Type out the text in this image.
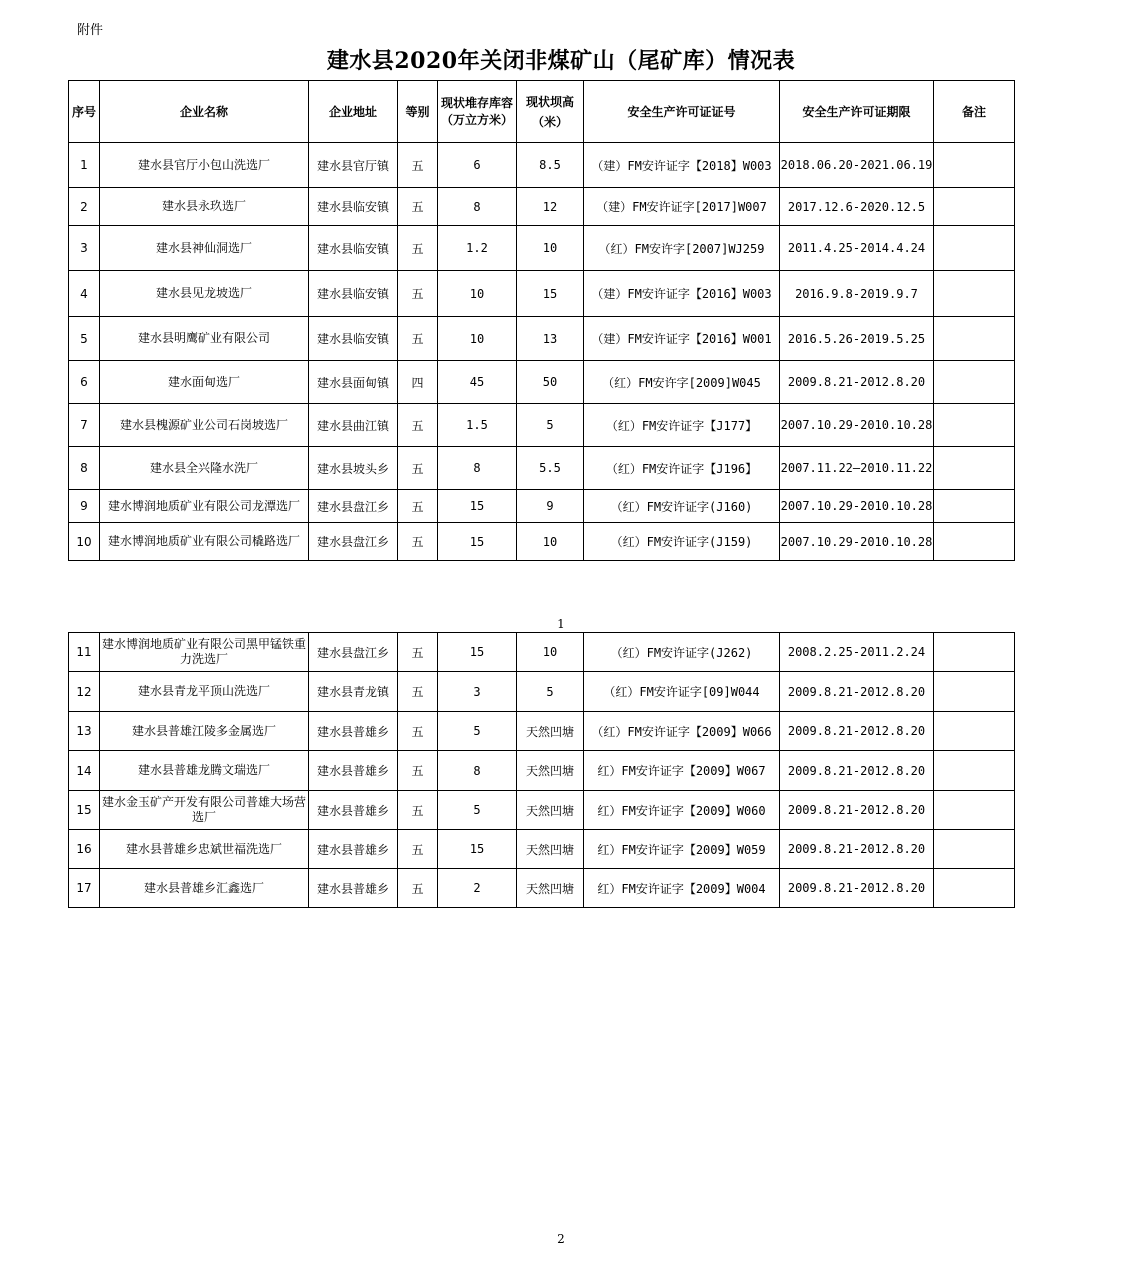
附件
建水县2020年关闭非煤矿山（尾矿库）情况表
序号	企业名称	企业地址	等别	现状堆存库容（万立方米）	现状坝高（米）	安全生产许可证证号	安全生产许可证期限	备注
1	建水县官厅小包山洗选厂	建水县官厅镇	五	6	8.5	（建）FM安许证字【2018】W003	2018.06.20-2021.06.19	
2	建水县永玖选厂	建水县临安镇	五	8	12	（建）FM安许证字[2017]W007	2017.12.6-2020.12.5	
3	建水县神仙洞选厂	建水县临安镇	五	1.2	10	（红）FM安许字[2007]WJ259	2011.4.25-2014.4.24	
4	建水县见龙坡选厂	建水县临安镇	五	10	15	（建）FM安许证字【2016】W003	2016.9.8-2019.9.7	
5	建水县明鹰矿业有限公司	建水县临安镇	五	10	13	（建）FM安许证字【2016】W001	2016.5.26-2019.5.25	
6	建水面甸选厂	建水县面甸镇	四	45	50	（红）FM安许字[2009]W045	2009.8.21-2012.8.20	
7	建水县槐源矿业公司石岗坡选厂	建水县曲江镇	五	1.5	5	（红）FM安许证字【J177】	2007.10.29-2010.10.28	
8	建水县全兴隆水洗厂	建水县坡头乡	五	8	5.5	（红）FM安许证字【J196】	2007.11.22—2010.11.22	
9	建水博润地质矿业有限公司龙潭选厂	建水县盘江乡	五	15	9	（红）FM安许证字(J160)	2007.10.29-2010.10.28	
10	建水博润地质矿业有限公司橇路选厂	建水县盘江乡	五	15	10	（红）FM安许证字(J159)	2007.10.29-2010.10.28	
1
11	建水博润地质矿业有限公司黑甲锰铁重力洗选厂	建水县盘江乡	五	15	10	（红）FM安许证字(J262)	2008.2.25-2011.2.24	
12	建水县青龙平顶山洗选厂	建水县青龙镇	五	3	5	（红）FM安许证字[09]W044	2009.8.21-2012.8.20	
13	建水县普雄江陵多金属选厂	建水县普雄乡	五	5	天然凹塘	（红）FM安许证字【2009】W066	2009.8.21-2012.8.20	
14	建水县普雄龙腾文瑞选厂	建水县普雄乡	五	8	天然凹塘	红）FM安许证字【2009】W067	2009.8.21-2012.8.20	
15	建水金玉矿产开发有限公司普雄大场营选厂	建水县普雄乡	五	5	天然凹塘	红）FM安许证字【2009】W060	2009.8.21-2012.8.20	
16	建水县普雄乡忠斌世福洗选厂	建水县普雄乡	五	15	天然凹塘	红）FM安许证字【2009】W059	2009.8.21-2012.8.20	
17	建水县普雄乡汇鑫选厂	建水县普雄乡	五	2	天然凹塘	红）FM安许证字【2009】W004	2009.8.21-2012.8.20	
2
